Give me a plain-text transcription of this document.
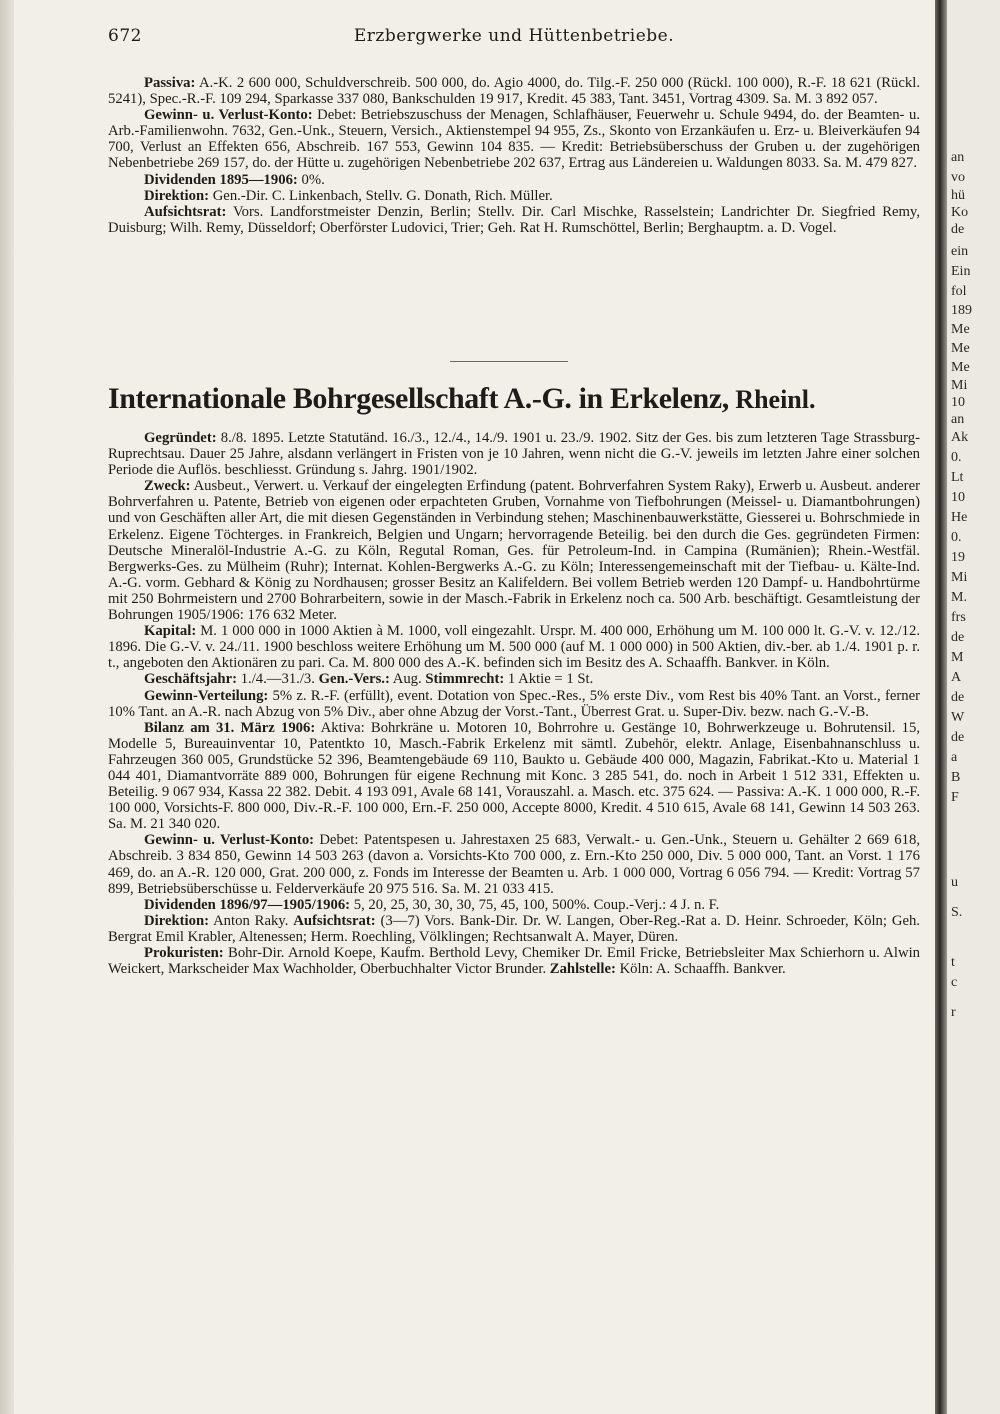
Erzbergwerke und Hüttenbetriebe.
672

Passiva: A.-K. 2 600 000, Schuldverschreib. 500 000, do. Agio 4000, do. Tilg.-F. 250 000 (Rückl. 100 000), R.-F. 18 621 (Rückl. 5241), Spec.-R.-F. 109 294, Sparkasse 337 080, Bankschulden 19 917, Kredit. 45 383, Tant. 3451, Vortrag 4309. Sa. M. 3 892 057.

Gewinn- u. Verlust-Konto: Debet: Betriebszuschuss der Menagen, Schlafhäuser, Feuerwehr u. Schule 9494, do. der Beamten- u. Arb.-Familienwohn. 7632, Gen.-Unk., Steuern, Versich., Aktienstempel 94 955, Zs., Skonto von Erzankäufen u. Erz- u. Bleiverkäufen 94 700, Verlust an Effekten 656, Abschreib. 167 553, Gewinn 104 835. — Kredit: Betriebsüberschuss der Gruben u. der zugehörigen Nebenbetriebe 269 157, do. der Hütte u. zugehörigen Nebenbetriebe 202 637, Ertrag aus Ländereien u. Waldungen 8033. Sa. M. 479 827.

Dividenden 1895—1906: 0%.

Direktion: Gen.-Dir. C. Linkenbach, Stellv. G. Donath, Rich. Müller.

Aufsichtsrat: Vors. Landforstmeister Denzin, Berlin; Stellv. Dir. Carl Mischke, Rasselstein; Landrichter Dr. Siegfried Remy, Duisburg; Wilh. Remy, Düsseldorf; Oberförster Ludovici, Trier; Geh. Rat H. Rumschöttel, Berlin; Berghauptm. a. D. Vogel.

Internationale Bohrgesellschaft A.-G. in Erkelenz, Rheinl.

Gegründet: 8./8. 1895. Letzte Statutänd. 16./3., 12./4., 14./9. 1901 u. 23./9. 1902. Sitz der Ges. bis zum letzteren Tage Strassburg-Ruprechtsau. Dauer 25 Jahre, alsdann verlängert in Fristen von je 10 Jahren, wenn nicht die G.-V. jeweils im letzten Jahre einer solchen Periode die Auflös. beschliesst. Gründung s. Jahrg. 1901/1902.

Zweck: Ausbeut., Verwert. u. Verkauf der eingelegten Erfindung (patent. Bohrverfahren System Raky), Erwerb u. Ausbeut. anderer Bohrverfahren u. Patente, Betrieb von eigenen oder erpachteten Gruben, Vornahme von Tiefbohrungen (Meissel- u. Diamantbohrungen) und von Geschäften aller Art, die mit diesen Gegenständen in Verbindung stehen; Maschinenbauwerkstätte, Giesserei u. Bohrschmiede in Erkelenz. Eigene Töchterges. in Frankreich, Belgien und Ungarn; hervorragende Beteilig. bei den durch die Ges. gegründeten Firmen: Deutsche Mineralöl-Industrie A.-G. zu Köln, Regutal Roman, Ges. für Petroleum-Ind. in Campina (Rumänien); Rhein.-Westfäl. Bergwerks-Ges. zu Mülheim (Ruhr); Internat. Kohlen-Bergwerks A.-G. zu Köln; Interessengemeinschaft mit der Tiefbau- u. Kälte-Ind. A.-G. vorm. Gebhard & König zu Nordhausen; grosser Besitz an Kalifeldern. Bei vollem Betrieb werden 120 Dampf- u. Handbohrtürme mit 250 Bohrmeistern und 2700 Bohrarbeitern, sowie in der Masch.-Fabrik in Erkelenz noch ca. 500 Arb. beschäftigt. Gesamtleistung der Bohrungen 1905/1906: 176 632 Meter.

Kapital: M. 1 000 000 in 1000 Aktien à M. 1000, voll eingezahlt. Urspr. M. 400 000, Erhöhung um M. 100 000 lt. G.-V. v. 12./12. 1896. Die G.-V. v. 24./11. 1900 beschloss weitere Erhöhung um M. 500 000 (auf M. 1 000 000) in 500 Aktien, div.-ber. ab 1./4. 1901 p. r. t., angeboten den Aktionären zu pari. Ca. M. 800 000 des A.-K. befinden sich im Besitz des A. Schaaffh. Bankver. in Köln.

Geschäftsjahr: 1./4.—31./3. Gen.-Vers.: Aug. Stimmrecht: 1 Aktie = 1 St.

Gewinn-Verteilung: 5% z. R.-F. (erfüllt), event. Dotation von Spec.-Res., 5% erste Div., vom Rest bis 40% Tant. an Vorst., ferner 10% Tant. an A.-R. nach Abzug von 5% Div., aber ohne Abzug der Vorst.-Tant., Überrest Grat. u. Super-Div. bezw. nach G.-V.-B.

Bilanz am 31. März 1906: Aktiva: Bohrkräne u. Motoren 10, Bohrrohre u. Gestänge 10, Bohrwerkzeuge u. Bohrutensil. 15, Modelle 5, Bureauinventar 10, Patentkto 10, Masch.-Fabrik Erkelenz mit sämtl. Zubehör, elektr. Anlage, Eisenbahnanschluss u. Fahrzeugen 360 005, Grundstücke 52 396, Beamtengebäude 69 110, Baukto u. Gebäude 400 000, Magazin, Fabrikat.-Kto u. Material 1 044 401, Diamantvorräte 889 000, Bohrungen für eigene Rechnung mit Konc. 3 285 541, do. noch in Arbeit 1 512 331, Effekten u. Beteilig. 9 067 934, Kassa 22 382. Debit. 4 193 091, Avale 68 141, Vorauszahl. a. Masch. etc. 375 624. — Passiva: A.-K. 1 000 000, R.-F. 100 000, Vorsichts-F. 800 000, Div.-R.-F. 100 000, Ern.-F. 250 000, Accepte 8000, Kredit. 4 510 615, Avale 68 141, Gewinn 14 503 263. Sa. M. 21 340 020.

Gewinn- u. Verlust-Konto: Debet: Patentspesen u. Jahrestaxen 25 683, Verwalt.- u. Gen.-Unk., Steuern u. Gehälter 2 669 618, Abschreib. 3 834 850, Gewinn 14 503 263 (davon a. Vorsichts-Kto 700 000, z. Ern.-Kto 250 000, Div. 5 000 000, Tant. an Vorst. 1 176 469, do. an A.-R. 120 000, Grat. 200 000, z. Fonds im Interesse der Beamten u. Arb. 1 000 000, Vortrag 6 056 794. — Kredit: Vortrag 57 899, Betriebsüberschüsse u. Felderverkäufe 20 975 516. Sa. M. 21 033 415.

Dividenden 1896/97—1905/1906: 5, 20, 25, 30, 30, 30, 75, 45, 100, 500%. Coup.-Verj.: 4 J. n. F.

Direktion: Anton Raky. Aufsichtsrat: (3—7) Vors. Bank-Dir. Dr. W. Langen, Ober-Reg.-Rat a. D. Heinr. Schroeder, Köln; Geh. Bergrat Emil Krabler, Altenessen; Herm. Roechling, Völklingen; Rechtsanwalt A. Mayer, Düren.

Prokuristen: Bohr-Dir. Arnold Koepe, Kaufm. Berthold Levy, Chemiker Dr. Emil Fricke, Betriebsleiter Max Schierhorn u. Alwin Weickert, Markscheider Max Wachholder, Oberbuchhalter Victor Brunder. Zahlstelle: Köln: A. Schaaffh. Bankver.

an
vo
hü
Ko
de
ein
Ein
fol
189
Me
Me
Me
Mi
10
an
Ak
0.
Lt
10
He
0.
19
Mi
M.
frs
de
M
A
de
W
de
a
B
F
u
S.
t
c
r
